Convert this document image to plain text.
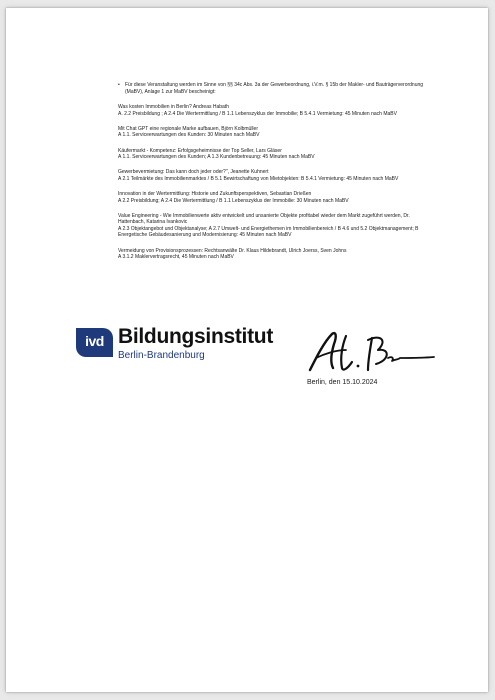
• Für diese Veranstaltung werden im Sinne von §§ 34c Abs. 3a der Gewerbeordnung, i.V.m. § 15b der Makler- und Bauträgerverordnung (MaBV), Anlage 1 zur MaBV bescheinigt:
Was kosten Immobilien in Berlin? Andreas Habath
A. 2.2 Preisbildung ; A 2.4 Die Wertermittlung / B 1.1 Lebenszyklus der Immobilie; B 5.4.1 Vermietung: 45 Minuten nach MaBV
Mit Chat GPT eine regionale Marke aufbauen, Björn Kolbmüller
A 1.1. Serviceerwartungen des Kunden: 30 Minuten nach MaBV
Käufermarkt - Kompetenz: Erfolgsgeheimnisse der Top Seller, Lars Gläser
A 1.1. Serviceerwartungen des Kunden; A 1.3 Kundenbetreuung: 45 Minuten nach MaBV
Gewerbevermietung: Das kann doch jeder oder?", Jeanette Kuhnert
A 2.1 Teilmärkte des Immobilienmarktes / B 5.1 Bewirtschaftung von Mietobjekten: B 5.4.1 Vermietung: 45 Minuten nach MaBV
Innovation in der Wertermittlung: Historie und Zukunftsperspektiven, Sebastian Drießen
A 2.2 Preisbildung; A 2.4 Die Wertermittlung / B 1.1 Lebenszyklus der Immobilie: 30 Minuten nach MaBV
Value Engineering - Wie Immobilienwerte aktiv entwickelt und unsanierte Objekte profitabel wieder dem Markt zugeführt werden, Dr. Hattenbach, Katarina Ivankovic
A 2.3 Objektangebot und Objektanalyse; A 2.7 Umwelt- und Energiethemen im Immobilienbereich / B 4.6 und 5.2 Objektmanagement; B Energetische Gebäudesanierung und Modernisierung: 45 Minuten nach MaBV
Vermeidung von Provisionsprozessen: Rechtsanwälte Dr. Klaus Hildebrandt, Ulrich Joerss, Sven Johns
A 3.1.2 Maklervertragsrecht, 45 Minuten nach MaBV
ivd Bildungsinstitut
Berlin-Brandenburg
Berlin, den 15.10.2024
